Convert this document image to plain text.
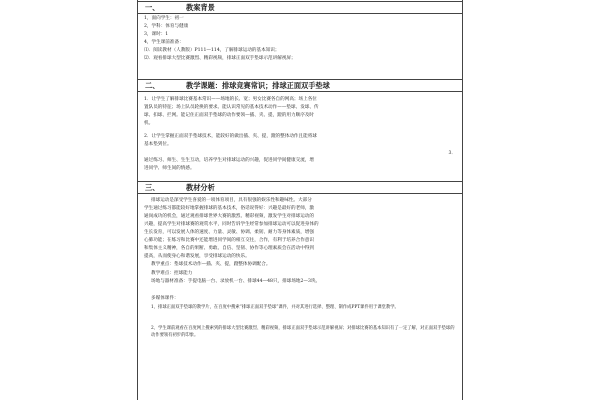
一、	教案背景
1，面向学生：初一
2，学科：体育与健康
3，课时：1
4，学生课前准备：
⑴．阅读教材（人教版）P111—114，了解排球运动的基本知识；
⑵．观看排球大型比赛激烈、精彩视频，排球正面双手垫球示范讲解视屏；
二、	教学课题：排球竞赛常识；排球正面双手垫球
1．让学生了解排球比赛基本常识——场地的长、宽；男女比赛各自的网高；场上各位
置队员的特征；场上队员轮换的要求。能认识常见的基本技术动作——垫球、发球、传
球、扣球、拦网。能记住正面双手垫球的动作要领—插、夹、提，蹬的用力顺序及时
机。
2．让学生掌握正面双手垫球技术，能较好的做出插、夹、提，蹬的整体动作且能将球
基本垫到位。
3．
通过练习、师生、生生互动，培养学生对排球运动的兴趣，促进同学间健康交流，增
进同学、师生间的情感。
三、	教材分析
排球运动是深受学生喜爱的一项体育项目，具有很强的娱乐性和趣味性。大部分
学生通过练习都能较好地掌握排球的基本技术，俗话说得好：兴趣是最好的老师，激
通岗成功的机会，通过观看排球世界大赛的激烈、精彩视频，激发学生对排球运动的
兴趣，提高学生对排球赛的观赏水平，同时告诉学生经常参加排球运动可以促进身体的
生长发育，可以发展人体的速度、力量、灵敏、协调、柔韧、耐力等身体素质，增强
心肺功能；在练习和比赛中还能增进同学间的相互交往，合作，有利于培养合作意识
和集体主义精神，各自的果断、勇敢、自信、坚韧、协作等心理素质会在活动中得到
提高，从而使身心和谐发展，享受排球运动的快乐。
教学重点：垫球技术动作—插、夹、提，蹬整体协调配合。
教学难点：控球能力
场地与器材准备：手提电脑一台、录放机一台、排球44—48只，排球场地2—3块。
多媒体课件：
1、排球正面双手垫球的教学片，在百度中搜索“排球正面双手垫球”课件，并对其进行选择、整理、制作成PPT课件用于课堂教学。
2、学生课前观看在百度网上搜索到的排球大型比赛激烈、精彩视频，排球正面双手垫球示范讲解视屏；对排球比赛的基本知识有了一定了解，对正面双手垫球的动作要领有初步的印象。
